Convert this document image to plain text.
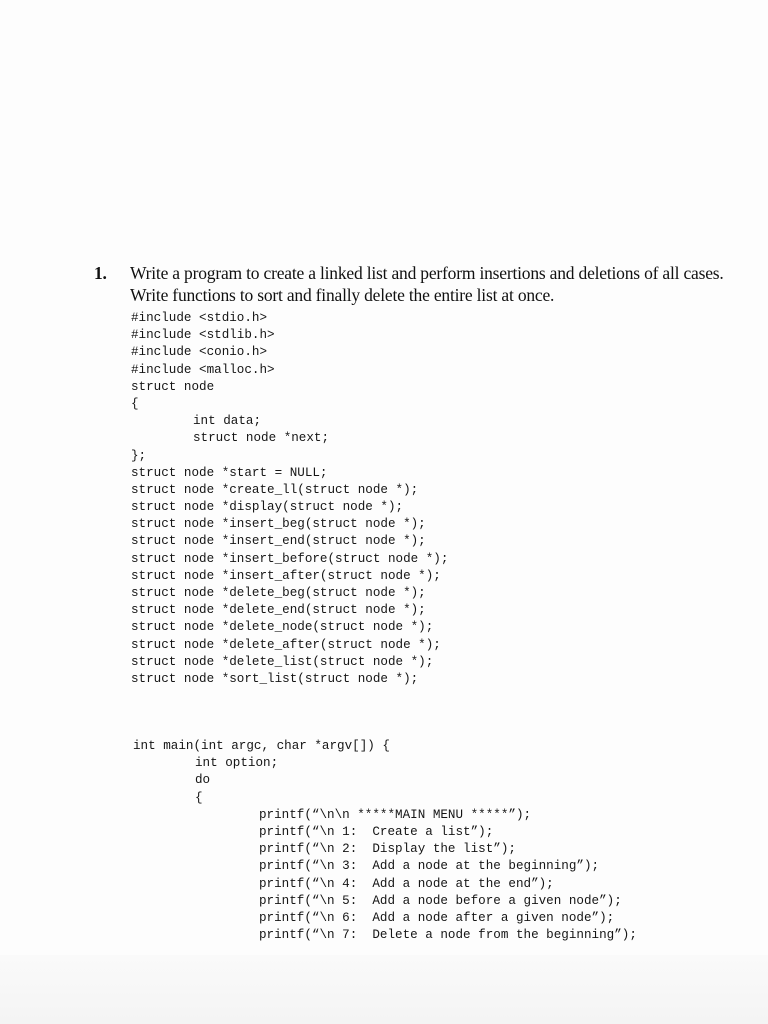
1. Write a program to create a linked list and perform insertions and deletions of all cases.
Write functions to sort and finally delete the entire list at once.
#include <stdio.h>
#include <stdlib.h>
#include <conio.h>
#include <malloc.h>
struct node
{
int data;
struct node *next;
};
struct node *start = NULL;
struct node *create_ll(struct node *);
struct node *display(struct node *);
struct node *insert_beg(struct node *);
struct node *insert_end(struct node *);
struct node *insert_before(struct node *);
struct node *insert_after(struct node *);
struct node *delete_beg(struct node *);
struct node *delete_end(struct node *);
struct node *delete_node(struct node *);
struct node *delete_after(struct node *);
struct node *delete_list(struct node *);
struct node *sort_list(struct node *);
int main(int argc, char *argv[]) {
int option;
do
{
printf(“\n\n *****MAIN MENU *****”);
printf(“\n 1:  Create a list”);
printf(“\n 2:  Display the list”);
printf(“\n 3:  Add a node at the beginning”);
printf(“\n 4:  Add a node at the end”);
printf(“\n 5:  Add a node before a given node”);
printf(“\n 6:  Add a node after a given node”);
printf(“\n 7:  Delete a node from the beginning”);
